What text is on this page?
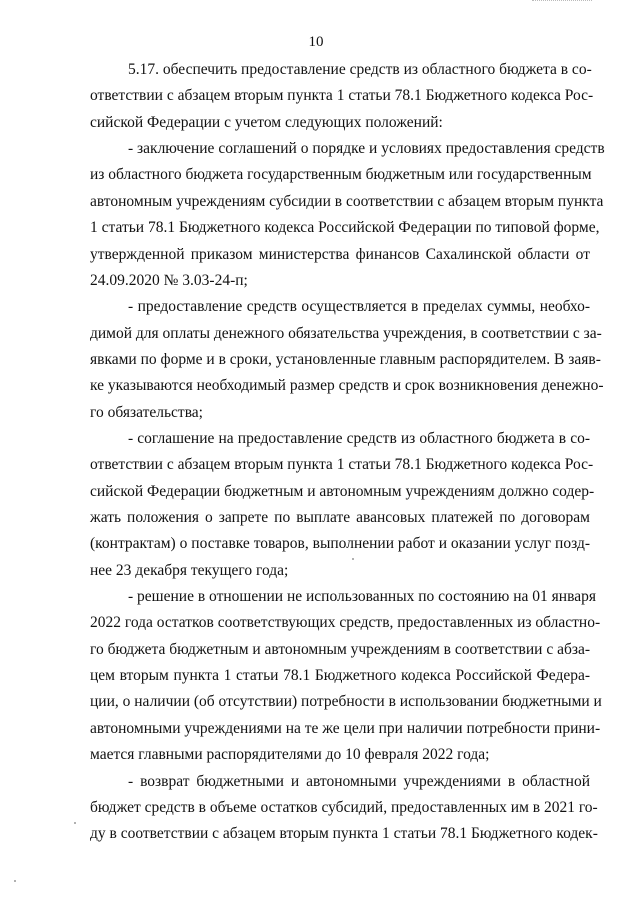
10
5.17. обеспечить предоставление средств из областного бюджета в со-
ответствии с абзацем вторым пункта 1 статьи 78.1 Бюджетного кодекса Рос-
сийской Федерации с учетом следующих положений:
- заключение соглашений о порядке и условиях предоставления средств
из областного бюджета государственным бюджетным или государственным
автономным учреждениям субсидии в соответствии с абзацем вторым пункта
1 статьи 78.1 Бюджетного кодекса Российской Федерации по типовой форме,
утвержденной приказом министерства финансов Сахалинской области от
24.09.2020 № 3.03-24-п;
- предоставление средств осуществляется в пределах суммы, необхо-
димой для оплаты денежного обязательства учреждения, в соответствии с за-
явками по форме и в сроки, установленные главным распорядителем. В заяв-
ке указываются необходимый размер средств и срок возникновения денежно-
го обязательства;
- соглашение на предоставление средств из областного бюджета в со-
ответствии с абзацем вторым пункта 1 статьи 78.1 Бюджетного кодекса Рос-
сийской Федерации бюджетным и автономным учреждениям должно содер-
жать положения о запрете по выплате авансовых платежей по договорам
(контрактам) о поставке товаров, выполнении работ и оказании услуг позд-
нее 23 декабря текущего года;
- решение в отношении не использованных по состоянию на 01 января
2022 года остатков соответствующих средств, предоставленных из областно-
го бюджета бюджетным и автономным учреждениям в соответствии с абза-
цем вторым пункта 1 статьи 78.1 Бюджетного кодекса Российской Федера-
ции, о наличии (об отсутствии) потребности в использовании бюджетными и
автономными учреждениями на те же цели при наличии потребности прини-
мается главными распорядителями до 10 февраля 2022 года;
- возврат бюджетными и автономными учреждениями в областной
бюджет средств в объеме остатков субсидий, предоставленных им в 2021 го-
ду в соответствии с абзацем вторым пункта 1 статьи 78.1 Бюджетного кодек-
